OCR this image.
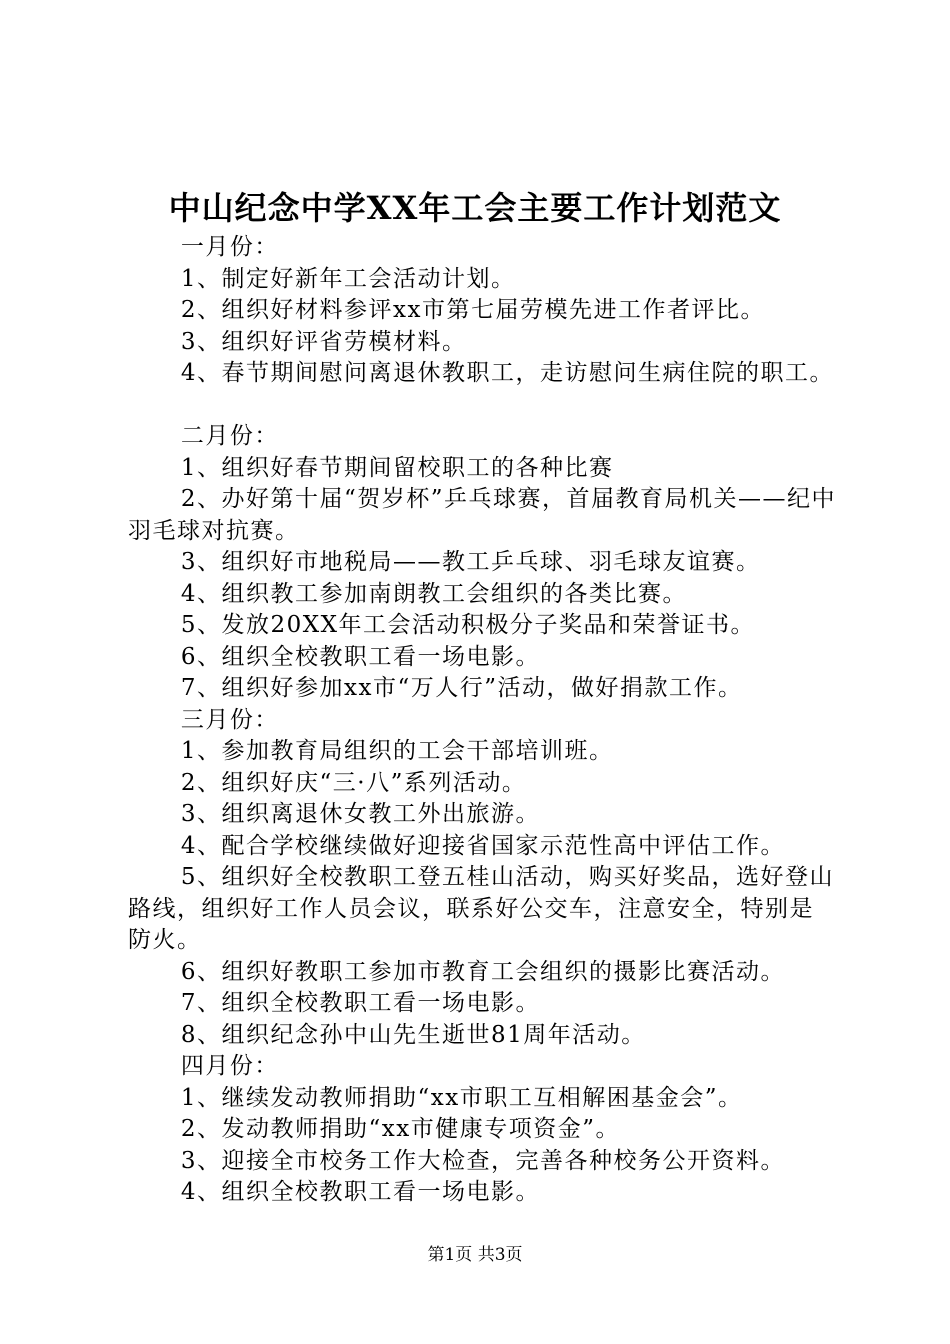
中山纪念中学XX年工会主要工作计划范文

一月份：

1、制定好新年工会活动计划。

2、组织好材料参评xx市第七届劳模先进工作者评比。

3、组织好评省劳模材料。

4、春节期间慰问离退休教职工，走访慰问生病住院的职工。

二月份：

1、组织好春节期间留校职工的各种比赛

2、办好第十届“贺岁杯”乒乓球赛，首届教育局机关——纪中羽毛球对抗赛。

3、组织好市地税局——教工乒乓球、羽毛球友谊赛。

4、组织教工参加南朗教工会组织的各类比赛。

5、发放20XX年工会活动积极分子奖品和荣誉证书。

6、组织全校教职工看一场电影。

7、组织好参加xx市“万人行”活动，做好捐款工作。

三月份：

1、参加教育局组织的工会干部培训班。

2、组织好庆“三·八”系列活动。

3、组织离退休女教工外出旅游。

4、配合学校继续做好迎接省国家示范性高中评估工作。

5、组织好全校教职工登五桂山活动，购买好奖品，选好登山路线，组织好工作人员会议，联系好公交车，注意安全，特别是防火。

6、组织好教职工参加市教育工会组织的摄影比赛活动。

7、组织全校教职工看一场电影。

8、组织纪念孙中山先生逝世81周年活动。

四月份：

1、继续发动教师捐助“xx市职工互相解困基金会”。

2、发动教师捐助“xx市健康专项资金”。

3、迎接全市校务工作大检查，完善各种校务公开资料。

4、组织全校教职工看一场电影。

第1页 共3页
